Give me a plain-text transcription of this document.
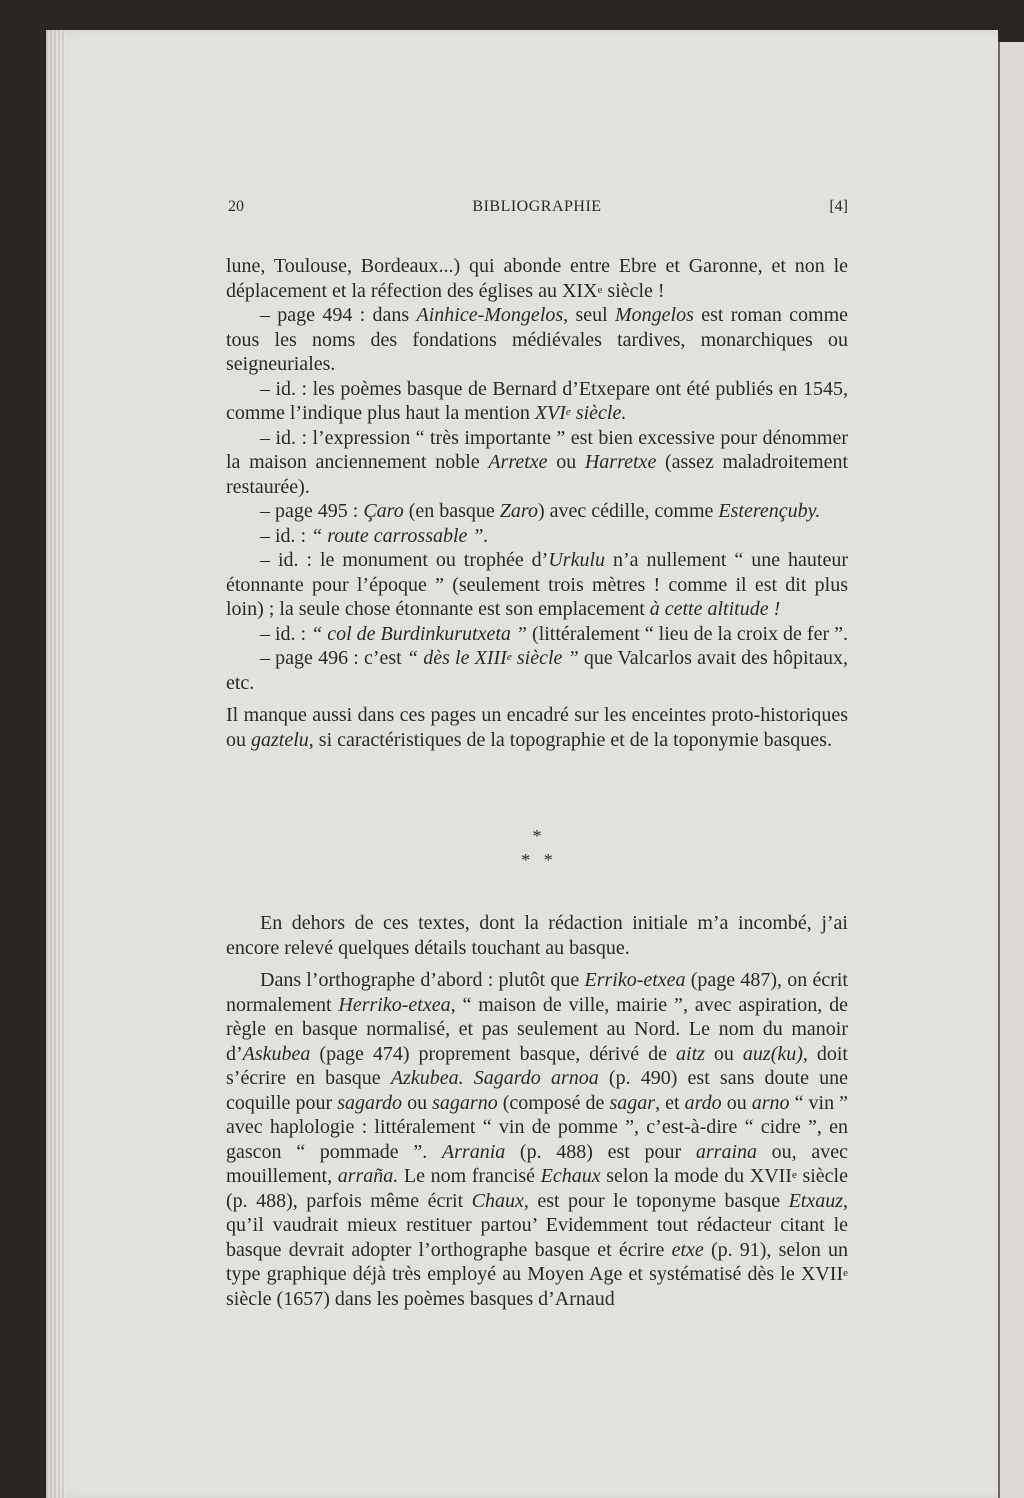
BIBLIOGRAPHIE
20	[4]

lune, Toulouse, Bordeaux...) qui abonde entre Ebre et Garonne, et non le déplacement et la réfection des églises au XIXe siècle !

– page 494 : dans Ainhice-Mongelos, seul Mongelos est roman comme tous les noms des fondations médiévales tardives, monarchiques ou seigneuriales.

– id. : les poèmes basque de Bernard d’Etxepare ont été publiés en 1545, comme l’indique plus haut la mention XVIe siècle.

– id. : l’expression “ très importante ” est bien excessive pour dénommer la maison anciennement noble Arretxe ou Harretxe (assez maladroitement restaurée).

– page 495 : Çaro (en basque Zaro) avec cédille, comme Esterençuby.

– id. : “ route carrossable ”.

– id. : le monument ou trophée d’Urkulu n’a nullement “ une hauteur étonnante pour l’époque ” (seulement trois mètres ! comme il est dit plus loin) ; la seule chose étonnante est son emplacement à cette altitude !

– id. : “ col de Burdinkurutxeta ” (littéralement “ lieu de la croix de fer ”.

– page 496 : c’est “ dès le XIIIe siècle ” que Valcarlos avait des hôpitaux, etc.

Il manque aussi dans ces pages un encadré sur les enceintes proto-historiques ou gaztelu, si caractéristiques de la topographie et de la toponymie basques.

*
*   *

En dehors de ces textes, dont la rédaction initiale m’a incombé, j’ai encore relevé quelques détails touchant au basque.

Dans l’orthographe d’abord : plutôt que Erriko-etxea (page 487), on écrit normalement Herriko-etxea, “ maison de ville, mairie ”, avec aspiration, de règle en basque normalisé, et pas seulement au Nord. Le nom du manoir d’Askubea (page 474) proprement basque, dérivé de aitz ou auz(ku), doit s’écrire en basque Azkubea. Sagardo arnoa (p. 490) est sans doute une coquille pour sagardo ou sagarno (composé de sagar, et ardo ou arno “ vin ” avec haplologie : littéralement “ vin de pomme ”, c’est-à-dire “ cidre ”, en gascon “ pommade ”. Arrania (p. 488) est pour arraina ou, avec mouillement, arraña. Le nom francisé Echaux selon la mode du XVIIe siècle (p. 488), parfois même écrit Chaux, est pour le toponyme basque Etxauz, qu’il vaudrait mieux restituer partou’ Evidemment tout rédacteur citant le basque devrait adopter l’orthographe basque et écrire etxe (p. 91), selon un type graphique déjà très employé au Moyen Age et systématisé dès le XVIIe siècle (1657) dans les poèmes basques d’Arnaud
